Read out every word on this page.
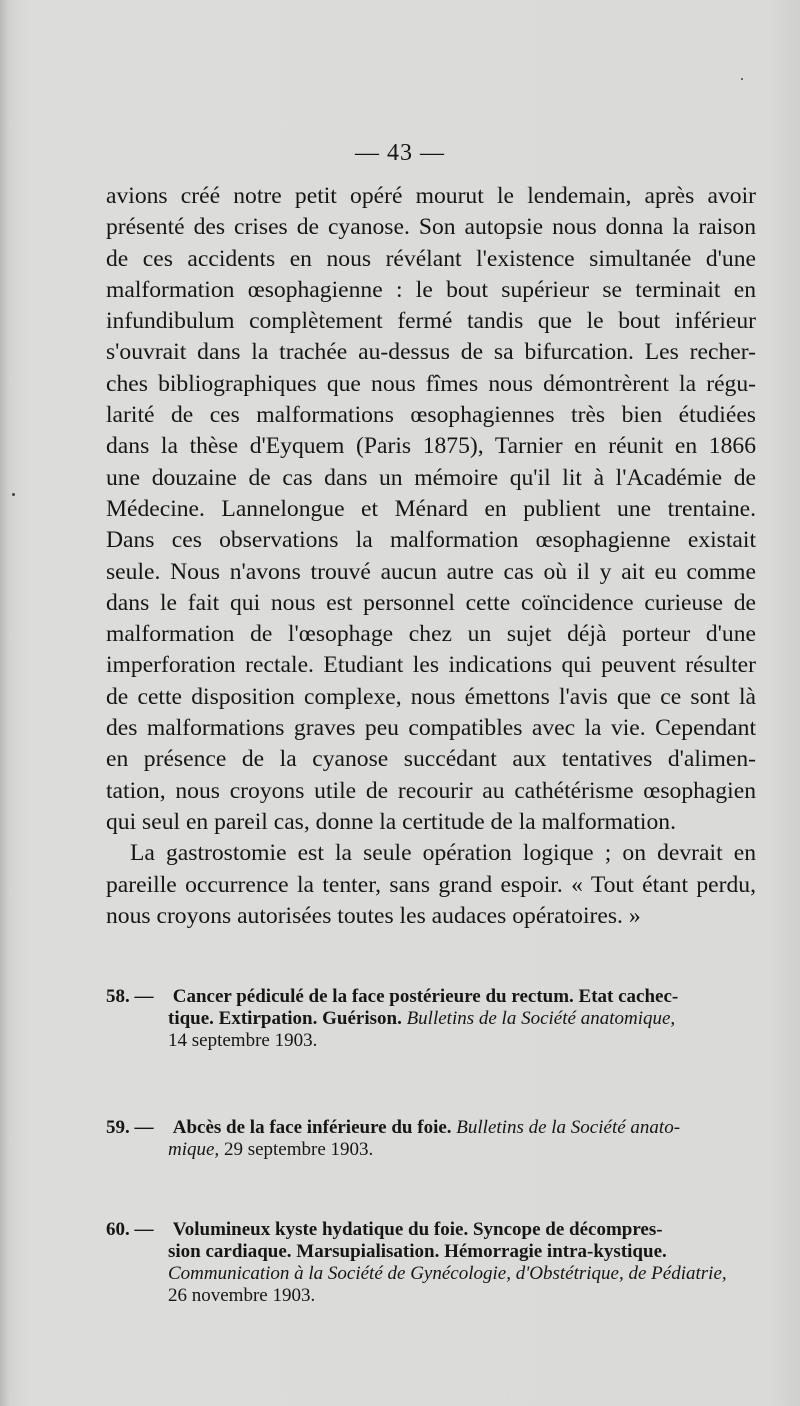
— 43 —
avions créé notre petit opéré mourut le lendemain, après avoir
présenté des crises de cyanose. Son autopsie nous donna la raison
de ces accidents en nous révélant l'existence simultanée d'une
malformation œsophagienne : le bout supérieur se terminait en
infundibulum complètement fermé tandis que le bout inférieur
s'ouvrait dans la trachée au-dessus de sa bifurcation. Les recher-
ches bibliographiques que nous fîmes nous démontrèrent la régu-
larité de ces malformations œsophagiennes très bien étudiées
dans la thèse d'Eyquem (Paris 1875), Tarnier en réunit en 1866
une douzaine de cas dans un mémoire qu'il lit à l'Académie de
Médecine. Lannelongue et Ménard en publient une trentaine.
Dans ces observations la malformation œsophagienne existait
seule. Nous n'avons trouvé aucun autre cas où il y ait eu comme
dans le fait qui nous est personnel cette coïncidence curieuse de
malformation de l'œsophage chez un sujet déjà porteur d'une
imperforation rectale. Etudiant les indications qui peuvent résulter
de cette disposition complexe, nous émettons l'avis que ce sont là
des malformations graves peu compatibles avec la vie. Cependant
en présence de la cyanose succédant aux tentatives d'alimen-
tation, nous croyons utile de recourir au cathétérisme œsophagien
qui seul en pareil cas, donne la certitude de la malformation.
La gastrostomie est la seule opération logique ; on devrait en
pareille occurrence la tenter, sans grand espoir. « Tout étant perdu,
nous croyons autorisées toutes les audaces opératoires. »
58. — Cancer pédiculé de la face postérieure du rectum. Etat cachec-
tique. Extirpation. Guérison. Bulletins de la Société anatomique,
14 septembre 1903.
59. — Abcès de la face inférieure du foie. Bulletins de la Société anato-
mique, 29 septembre 1903.
60. — Volumineux kyste hydatique du foie. Syncope de décompres-
sion cardiaque. Marsupialisation. Hémorragie intra-kystique.
Communication à la Société de Gynécologie, d'Obstétrique, de Pédiatrie,
26 novembre 1903.
